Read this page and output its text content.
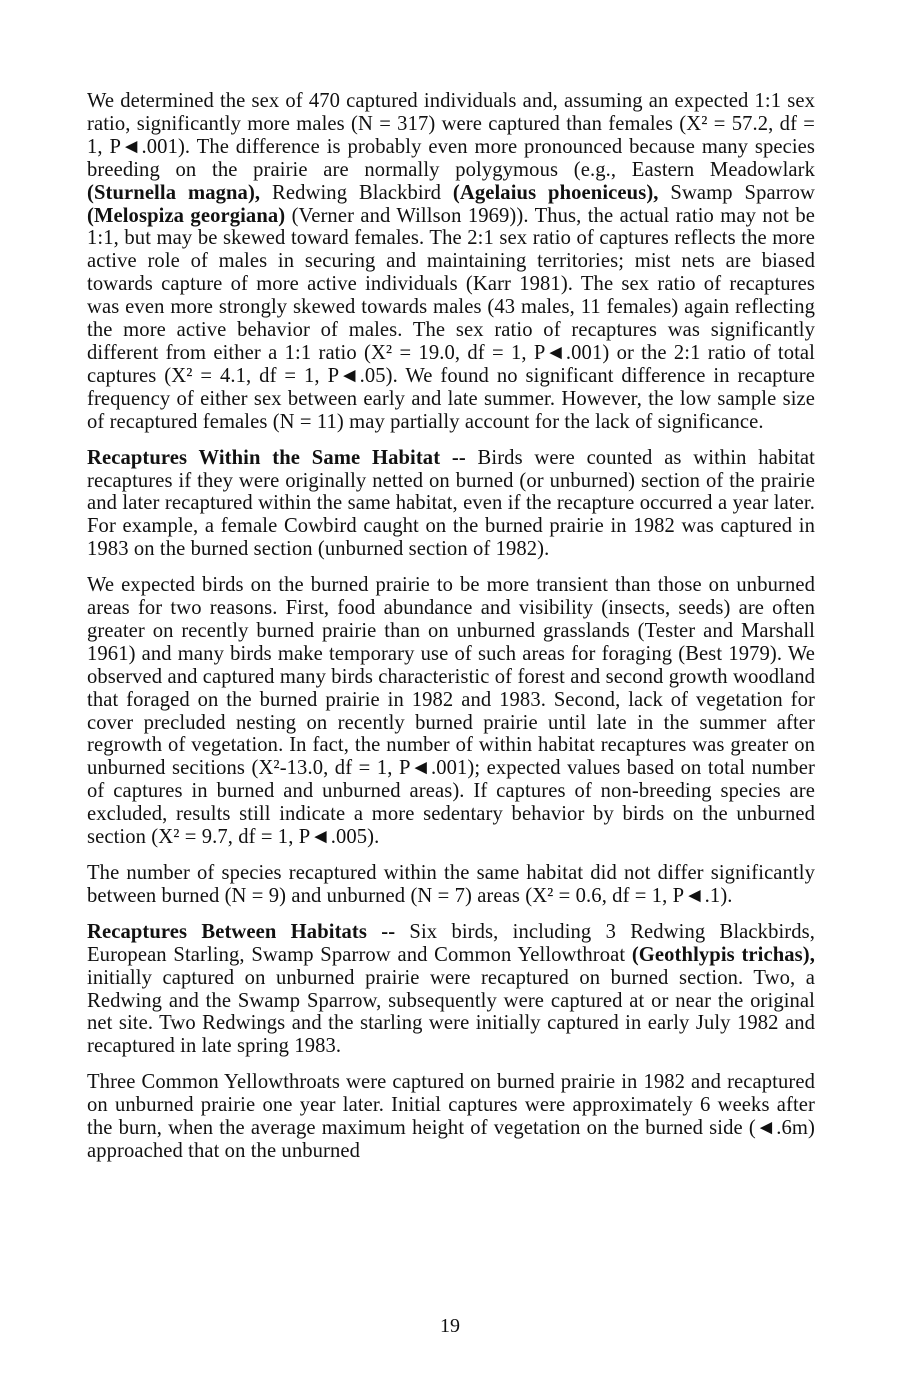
We determined the sex of 470 captured individuals and, assuming an expected 1:1 sex ratio, significantly more males (N = 317) were captured than females (X² = 57.2, df = 1, P◄.001). The difference is probably even more pronounced because many species breeding on the prairie are normally polygymous (e.g., Eastern Meadowlark (Sturnella magna), Redwing Blackbird (Agelaius phoeniceus), Swamp Sparrow (Melospiza georgiana) (Verner and Willson 1969)). Thus, the actual ratio may not be 1:1, but may be skewed toward females. The 2:1 sex ratio of captures reflects the more active role of males in securing and maintaining territories; mist nets are biased towards capture of more active individuals (Karr 1981). The sex ratio of recaptures was even more strongly skewed towards males (43 males, 11 females) again reflecting the more active behavior of males. The sex ratio of recaptures was significantly different from either a 1:1 ratio (X² = 19.0, df = 1, P◄.001) or the 2:1 ratio of total captures (X² = 4.1, df = 1, P◄.05). We found no significant difference in recapture frequency of either sex between early and late summer. However, the low sample size of recaptured females (N = 11) may partially account for the lack of significance.

Recaptures Within the Same Habitat -- Birds were counted as within habitat recaptures if they were originally netted on burned (or unburned) section of the prairie and later recaptured within the same habitat, even if the recapture occurred a year later. For example, a female Cowbird caught on the burned prairie in 1982 was captured in 1983 on the burned section (unburned section of 1982).

We expected birds on the burned prairie to be more transient than those on unburned areas for two reasons. First, food abundance and visibility (insects, seeds) are often greater on recently burned prairie than on unburned grasslands (Tester and Marshall 1961) and many birds make temporary use of such areas for foraging (Best 1979). We observed and captured many birds characteristic of forest and second growth woodland that foraged on the burned prairie in 1982 and 1983. Second, lack of vegetation for cover precluded nesting on recently burned prairie until late in the summer after regrowth of vegetation. In fact, the number of within habitat recaptures was greater on unburned secitions (X²-13.0, df = 1, P◄.001); expected values based on total number of captures in burned and unburned areas). If captures of non-breeding species are excluded, results still indicate a more sedentary behavior by birds on the unburned section (X² = 9.7, df = 1, P◄.005).

The number of species recaptured within the same habitat did not differ significantly between burned (N = 9) and unburned (N = 7) areas (X² = 0.6, df = 1, P◄.1).

Recaptures Between Habitats -- Six birds, including 3 Redwing Blackbirds, European Starling, Swamp Sparrow and Common Yellowthroat (Geothlypis trichas), initially captured on unburned prairie were recaptured on burned section. Two, a Redwing and the Swamp Sparrow, subsequently were captured at or near the original net site. Two Redwings and the starling were initially captured in early July 1982 and recaptured in late spring 1983.

Three Common Yellowthroats were captured on burned prairie in 1982 and recaptured on unburned prairie one year later. Initial captures were approximately 6 weeks after the burn, when the average maximum height of vegetation on the burned side (◄.6m) approached that on the unburned

19
